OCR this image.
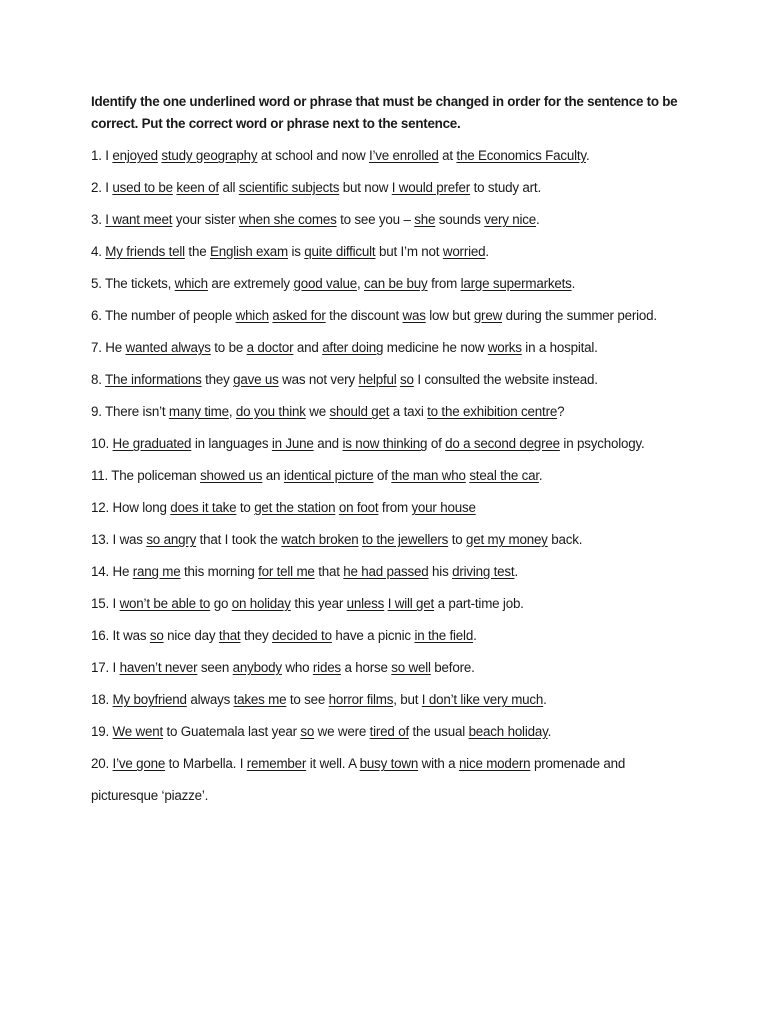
Identify the one underlined word or phrase that must be changed in order for the sentence to be correct. Put the correct word or phrase next to the sentence.
1. I enjoyed study geography at school and now I’ve enrolled at the Economics Faculty.
2. I used to be keen of all scientific subjects but now I would prefer to study art.
3. I want meet your sister when she comes to see you – she sounds very nice.
4. My friends tell the English exam is quite difficult but I’m not worried.
5. The tickets, which are extremely good value, can be buy from large supermarkets.
6. The number of people which asked for the discount was low but grew during the summer period.
7. He wanted always to be a doctor and after doing medicine he now works in a hospital.
8. The informations they gave us was not very helpful so I consulted the website instead.
9. There isn’t many time, do you think we should get a taxi to the exhibition centre?
10. He graduated in languages in June and is now thinking of do a second degree in psychology.
11. The policeman showed us an identical picture of the man who steal the car.
12. How long does it take to get the station on foot from your house
13. I was so angry that I took the watch broken to the jewellers to get my money back.
14. He rang me this morning for tell me that he had passed his driving test.
15. I won’t be able to go on holiday this year unless I will get a part-time job.
16. It was so nice day that they decided to have a picnic in the field.
17. I haven’t never seen anybody who rides a horse so well before.
18. My boyfriend always takes me to see horror films, but I don’t like very much.
19. We went to Guatemala last year so we were tired of the usual beach holiday.
20. I’ve gone to Marbella. I remember it well. A busy town with a nice modern promenade and picturesque ‘piazze’.
